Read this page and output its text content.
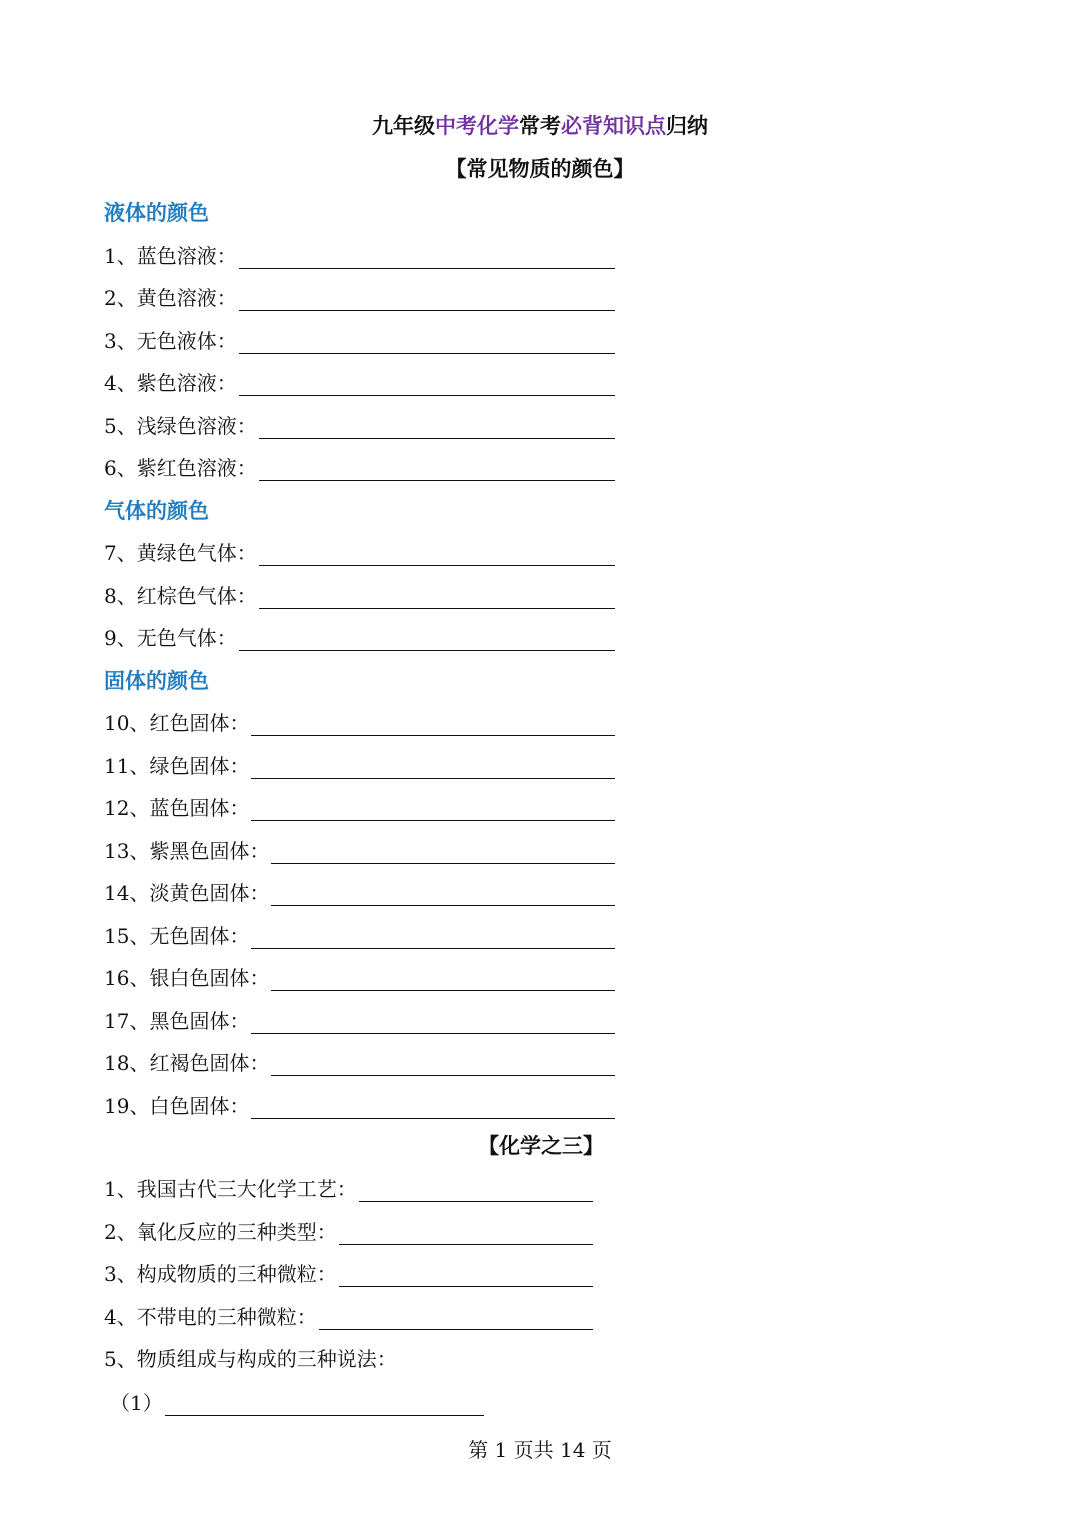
九年级中考化学常考必背知识点归纳
【常见物质的颜色】
液体的颜色
1、蓝色溶液：
2、黄色溶液：
3、无色液体：
4、紫色溶液：
5、浅绿色溶液：
6、紫红色溶液：
气体的颜色
7、黄绿色气体：
8、红棕色气体：
9、无色气体：
固体的颜色
10、红色固体：
11、绿色固体：
12、蓝色固体：
13、紫黑色固体：
14、淡黄色固体：
15、无色固体：
16、银白色固体：
17、黑色固体：
18、红褐色固体：
19、白色固体：
1、我国古代三大化学工艺：
2、氧化反应的三种类型：
3、构成物质的三种微粒：
4、不带电的三种微粒：
5、物质组成与构成的三种说法：
（1）
【化学之三】
第 1 页共 14 页
